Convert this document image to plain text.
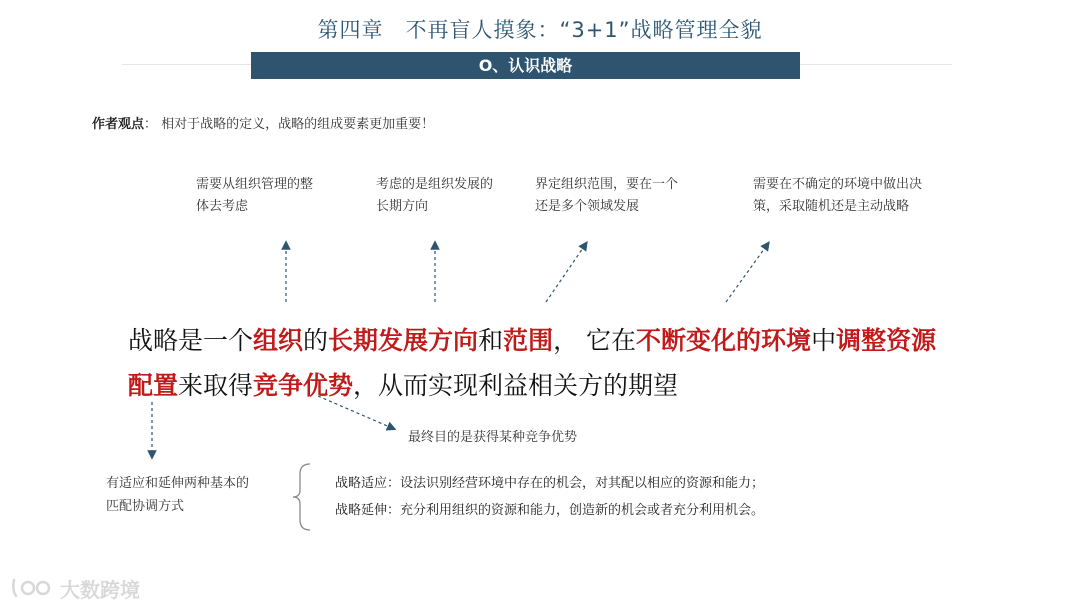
第四章　不再盲人摸象：“3+1”战略管理全貌
O、认识战略
作者观点： 相对于战略的定义，战略的组成要素更加重要！
需要从组织管理的整
体去考虑
考虑的是组织发展的
长期方向
界定组织范围，要在一个
还是多个领域发展
需要在不确定的环境中做出决
策，采取随机还是主动战略
战略是一个组织的长期发展方向和范围， 它在不断变化的环境中调整资源
配置来取得竞争优势，从而实现利益相关方的期望
最终目的是获得某种竞争优势
有适应和延伸两种基本的
匹配协调方式
战略适应：设法识别经营环境中存在的机会，对其配以相应的资源和能力；
战略延伸：充分利用组织的资源和能力，创造新的机会或者充分利用机会。
大数跨境
